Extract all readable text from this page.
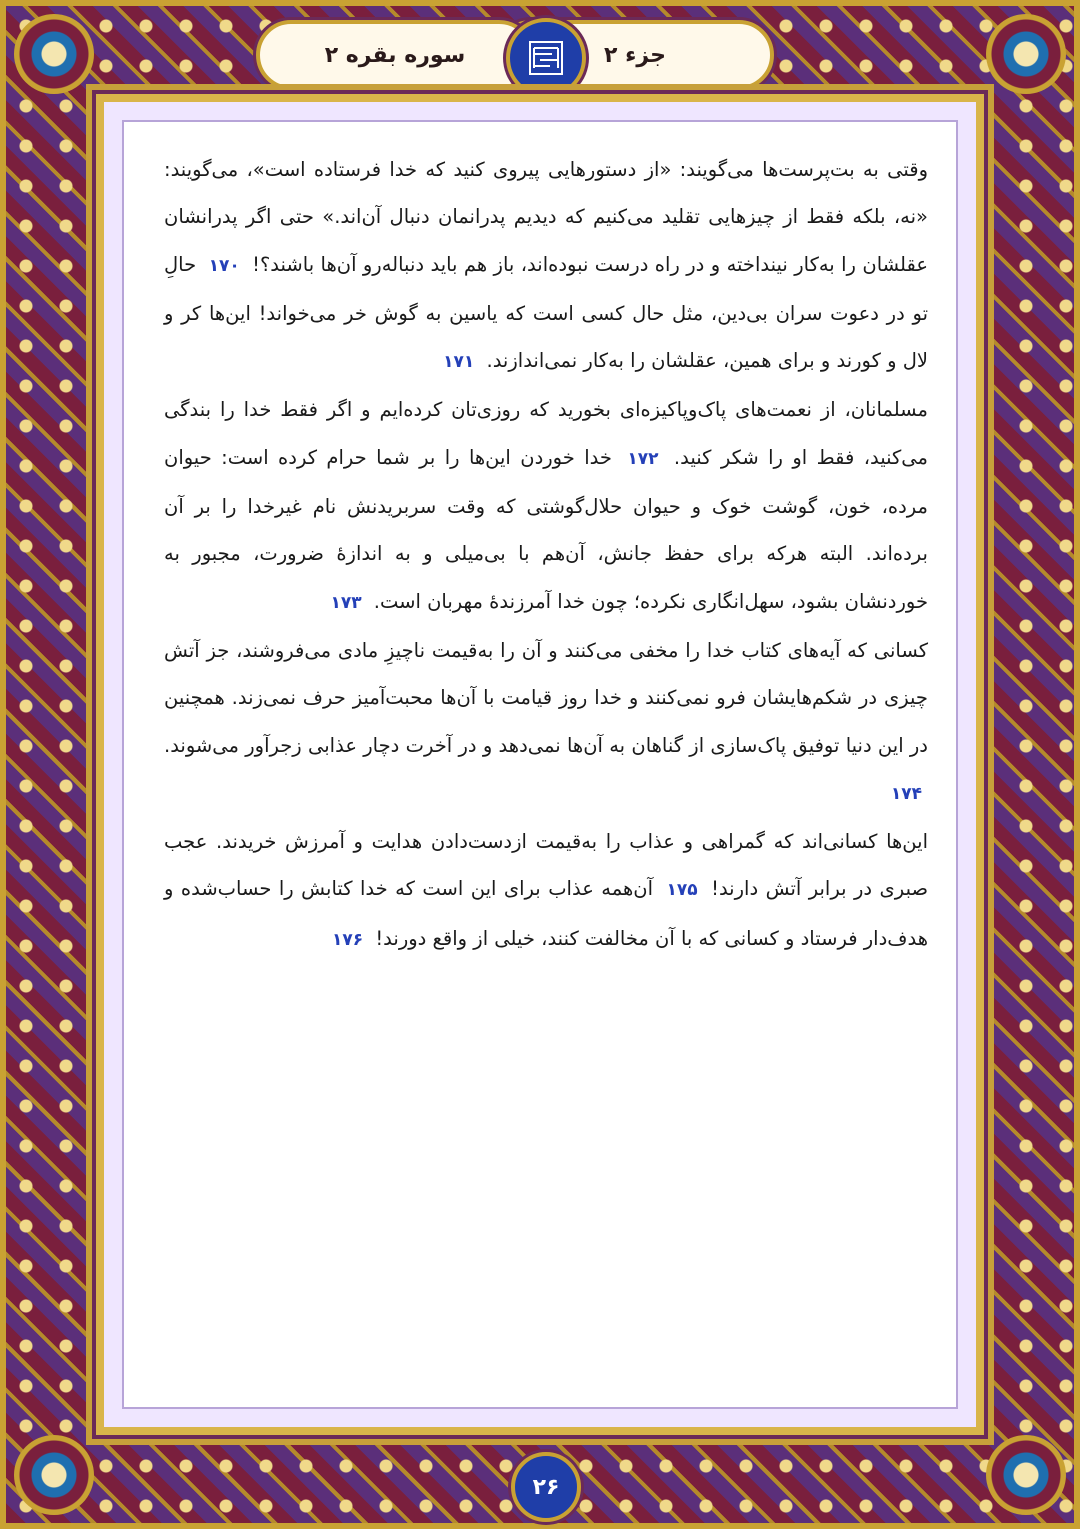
جزء ۲
سوره بقره ۲

وقتی به بت‌پرست‌ها می‌گویند: «از دستورهایی پیروی کنید که خدا فرستاده است»، می‌گویند: «نه، بلکه فقط از چیزهایی تقلید می‌کنیم که دیدیم پدرانمان دنبال آن‌اند.» حتی اگر پدرانشان عقلشان را به‌کار نینداخته و در راه درست نبوده‌اند، باز هم باید دنباله‌رو آن‌ها باشند؟! ۱۷۰ حالِ تو در دعوت سران بی‌دین، مثل حال کسی است که یاسین به گوش خر می‌خواند! این‌ها کر و لال و کورند و برای همین، عقلشان را به‌کار نمی‌اندازند. ۱۷۱

مسلمانان، از نعمت‌های پاک‌وپاکیزه‌ای بخورید که روزی‌تان کرده‌ایم و اگر فقط خدا را بندگی می‌کنید، فقط او را شکر کنید. ۱۷۲ خدا خوردن این‌ها را بر شما حرام کرده است: حیوان مرده، خون، گوشت خوک و حیوان حلال‌گوشتی که وقت سربریدنش نام غیرخدا را بر آن برده‌اند. البته هرکه برای حفظ جانش، آن‌هم با بی‌میلی و به اندازهٔ ضرورت، مجبور به خوردنشان بشود، سهل‌انگاری نکرده؛ چون خدا آمرزندهٔ مهربان است. ۱۷۳

کسانی که آیه‌های کتاب خدا را مخفی می‌کنند و آن را به‌قیمت ناچیزِ مادی می‌فروشند، جز آتش چیزی در شکم‌هایشان فرو نمی‌کنند و خدا روز قیامت با آن‌ها محبت‌آمیز حرف نمی‌زند. همچنین در این دنیا توفیق پاک‌سازی از گناهان به آن‌ها نمی‌دهد و در آخرت دچار عذابی زجرآور می‌شوند. ۱۷۴

این‌ها کسانی‌اند که گمراهی و عذاب را به‌قیمت ازدست‌دادن هدایت و آمرزش خریدند. عجب صبری در برابر آتش دارند! ۱۷۵ آن‌همه عذاب برای این است که خدا کتابش را حساب‌شده و هدف‌دار فرستاد و کسانی که با آن مخالفت کنند، خیلی از واقع دورند! ۱۷۶

۲۶
